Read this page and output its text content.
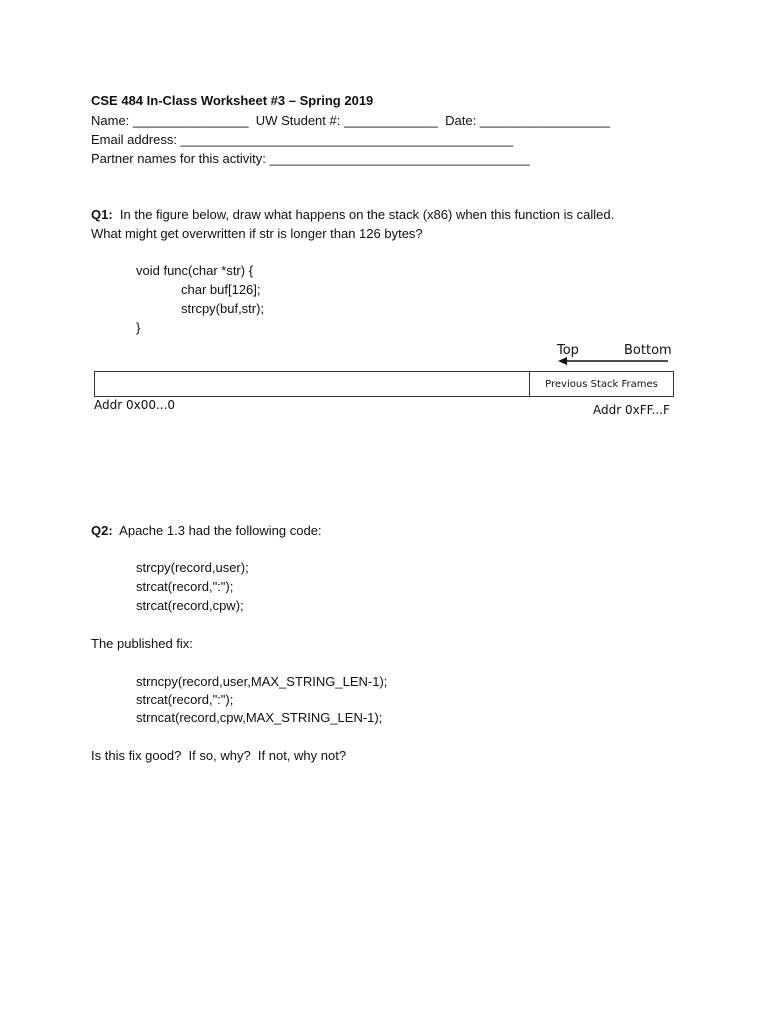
CSE 484 In-Class Worksheet #3 – Spring 2019
Name: ________________  UW Student #: _____________  Date: __________________
Email address: ______________________________________________
Partner names for this activity: ____________________________________
Q1:  In the figure below, draw what happens on the stack (x86) when this function is called.
What might get overwritten if str is longer than 126 bytes?
void func(char *str) {
char buf[126];
strcpy(buf,str);
}
Top	Bottom
Previous Stack Frames
Addr 0x00...0	Addr 0xFF...F
Q2:  Apache 1.3 had the following code:
strcpy(record,user);
strcat(record,":");
strcat(record,cpw);
The published fix:
strncpy(record,user,MAX_STRING_LEN-1);
strcat(record,":");
strncat(record,cpw,MAX_STRING_LEN-1);
Is this fix good?  If so, why?  If not, why not?
